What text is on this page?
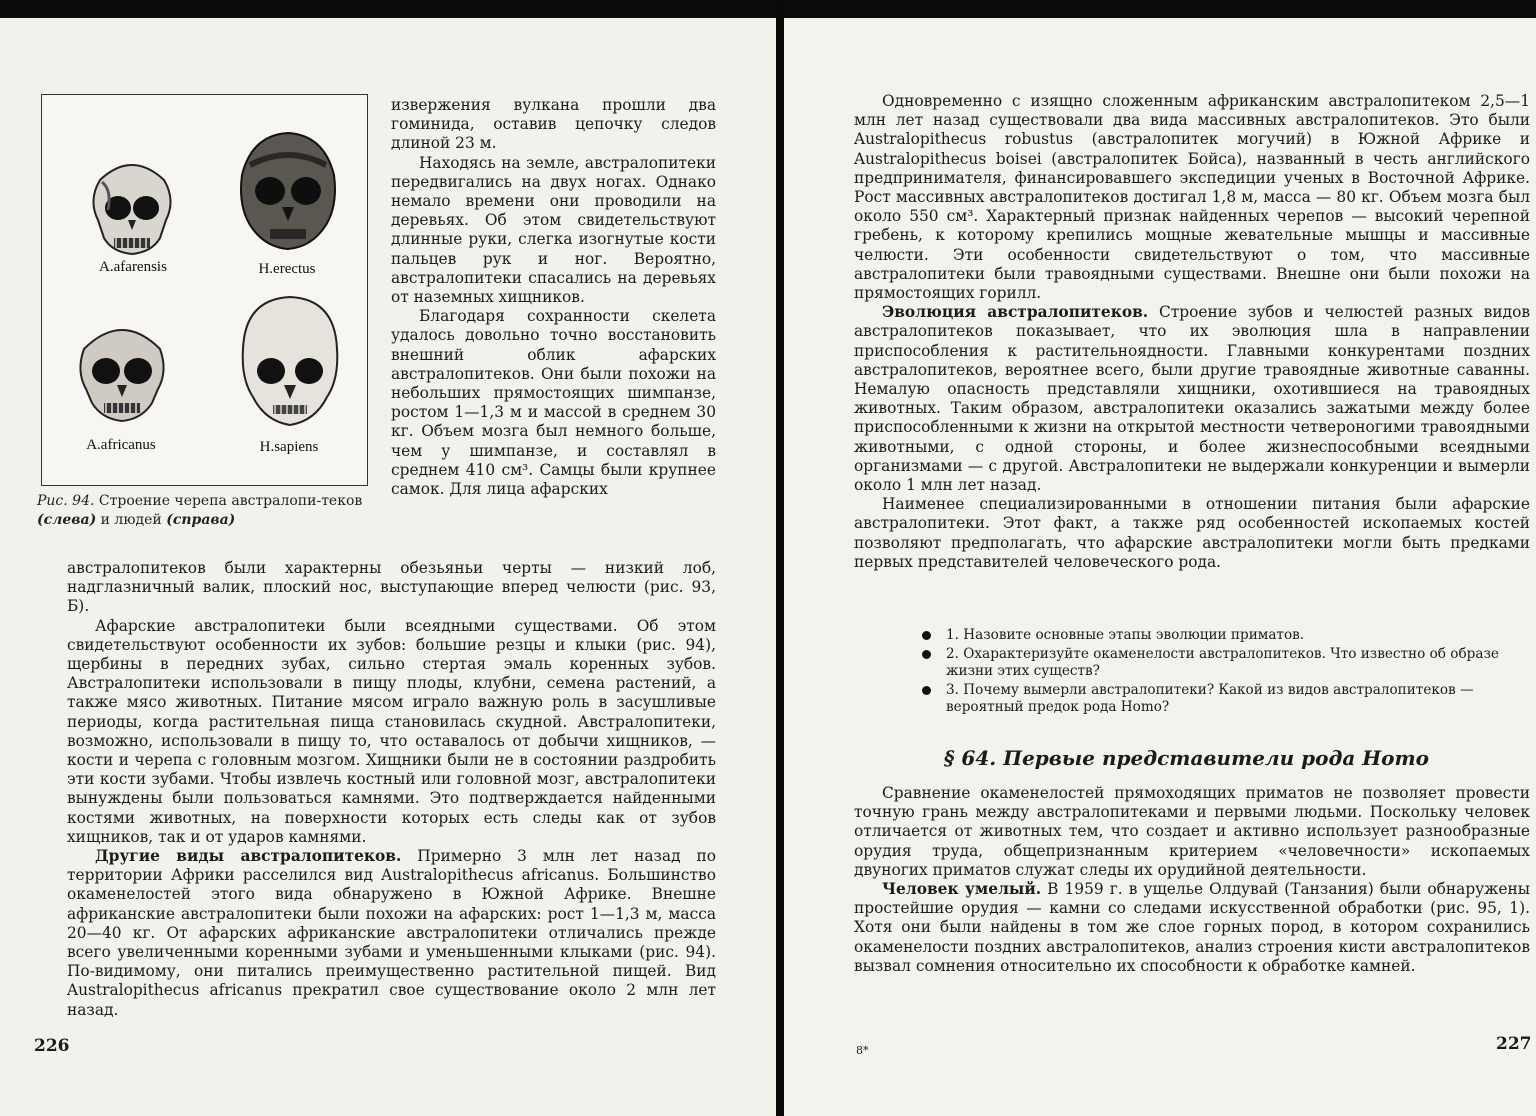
A.afarensis	H.erectus
A.africanus	H.sapiens
Рис. 94. Строение черепа австралопи-текoв (слева) и людей (справа)

извержения вулкана прошли два гоминида, оставив цепочку следов длиной 23 м.

Находясь на земле, австралопитеки передвигались на двух ногах. Однако немало времени они проводили на деревьях. Об этом свидетельствуют длинные руки, слегка изогнутые кости пальцев рук и ног. Вероятно, австралопитеки спасались на деревьях от наземных хищников.

Благодаря сохранности скелета удалось довольно точно восстановить внешний облик афарских австралопитеков. Они были похожи на небольших прямостоящих шимпанзе, ростом 1—1,3 м и массой в среднем 30 кг. Объем мозга был немного больше, чем у шимпанзе, и составлял в среднем 410 см³. Самцы были крупнее самок. Для лица афарских

австралопитеков были характерны обезьяньи черты — низкий лоб, надглазничный валик, плоский нос, выступающие вперед челюсти (рис. 93, Б).

Афарские австралопитеки были всеядными существами. Об этом свидетельствуют особенности их зубов: большие резцы и клыки (рис. 94), щербины в передних зубах, сильно стертая эмаль коренных зубов. Австралопитеки использовали в пищу плоды, клубни, семена растений, а также мясо животных. Питание мясом играло важную роль в засушливые периоды, когда растительная пища становилась скудной. Австралопитеки, возможно, использовали в пищу то, что оставалось от добычи хищников, — кости и черепа с головным мозгом. Хищники были не в состоянии раздробить эти кости зубами. Чтобы извлечь костный или головной мозг, австралопитеки вынуждены были пользоваться камнями. Это подтверждается найденными костями животных, на поверхности которых есть следы как от зубов хищников, так и от ударов камнями.

Другие виды австралопитеков. Примерно 3 млн лет назад по территории Африки расселился вид Australopithecus africanus. Большинство окаменелостей этого вида обнаружено в Южной Африке. Внешне африканские австралопитеки были похожи на афарских: рост 1—1,3 м, масса 20—40 кг. От афарских африканские австралопитеки отличались прежде всего увеличенными коренными зубами и уменьшенными клыками (рис. 94). По-видимому, они питались преимущественно растительной пищей. Вид Australopithecus africanus прекратил свое существование около 2 млн лет назад.

226

Одновременно с изящно сложенным африканским австралопитеком 2,5—1 млн лет назад существовали два вида массивных австралопитеков. Это были Australopithecus robustus (австралопитек могучий) в Южной Африке и Australopithecus boisei (австралопитек Бойса), названный в честь английского предпринимателя, финансировавшего экспедиции ученых в Восточной Африке. Рост массивных австралопитеков достигал 1,8 м, масса — 80 кг. Объем мозга был около 550 см³. Характерный признак найденных черепов — высокий черепной гребень, к которому крепились мощные жевательные мышцы и массивные челюсти. Эти особенности свидетельствуют о том, что массивные австралопитеки были травоядными существами. Внешне они были похожи на прямостоящих горилл.

Эволюция австралопитеков. Строение зубов и челюстей разных видов австралопитеков показывает, что их эволюция шла в направлении приспособления к растительноядности. Главными конкурентами поздних австралопитеков, вероятнее всего, были другие травоядные животные саванны. Немалую опасность представляли хищники, охотившиеся на травоядных животных. Таким образом, австралопитеки оказались зажатыми между более приспособленными к жизни на открытой местности четвероногими травоядными животными, с одной стороны, и более жизнеспособными всеядными организмами — с другой. Австралопитеки не выдержали конкуренции и вымерли около 1 млн лет назад.

Наименее специализированными в отношении питания были афарские австралопитеки. Этот факт, а также ряд особенностей ископаемых костей позволяют предполагать, что афарские австралопитеки могли быть предками первых представителей человеческого рода.

1. Назовите основные этапы эволюции приматов.
2. Охарактеризуйте окаменелости австралопитеков. Что известно об образе жизни этих существ?
3. Почему вымерли австралопитеки? Какой из видов австралопитеков — вероятный предок рода Homo?
§ 64. Первые представители рода Homo

Сравнение окаменелостей прямоходящих приматов не позволяет провести точную грань между австралопитеками и первыми людьми. Поскольку человек отличается от животных тем, что создает и активно использует разнообразные орудия труда, общепризнанным критерием «человечности» ископаемых двуногих приматов служат следы их орудийной деятельности.

Человек умелый. В 1959 г. в ущелье Олдувай (Танзания) были обнаружены простейшие орудия — камни со следами искусственной обработки (рис. 95, 1). Хотя они были найдены в том же слое горных пород, в котором сохранились окаменелости поздних австралопитеков, анализ строения кисти австралопитеков вызвал сомнения относительно их способности к обработке камней.

8*	227
